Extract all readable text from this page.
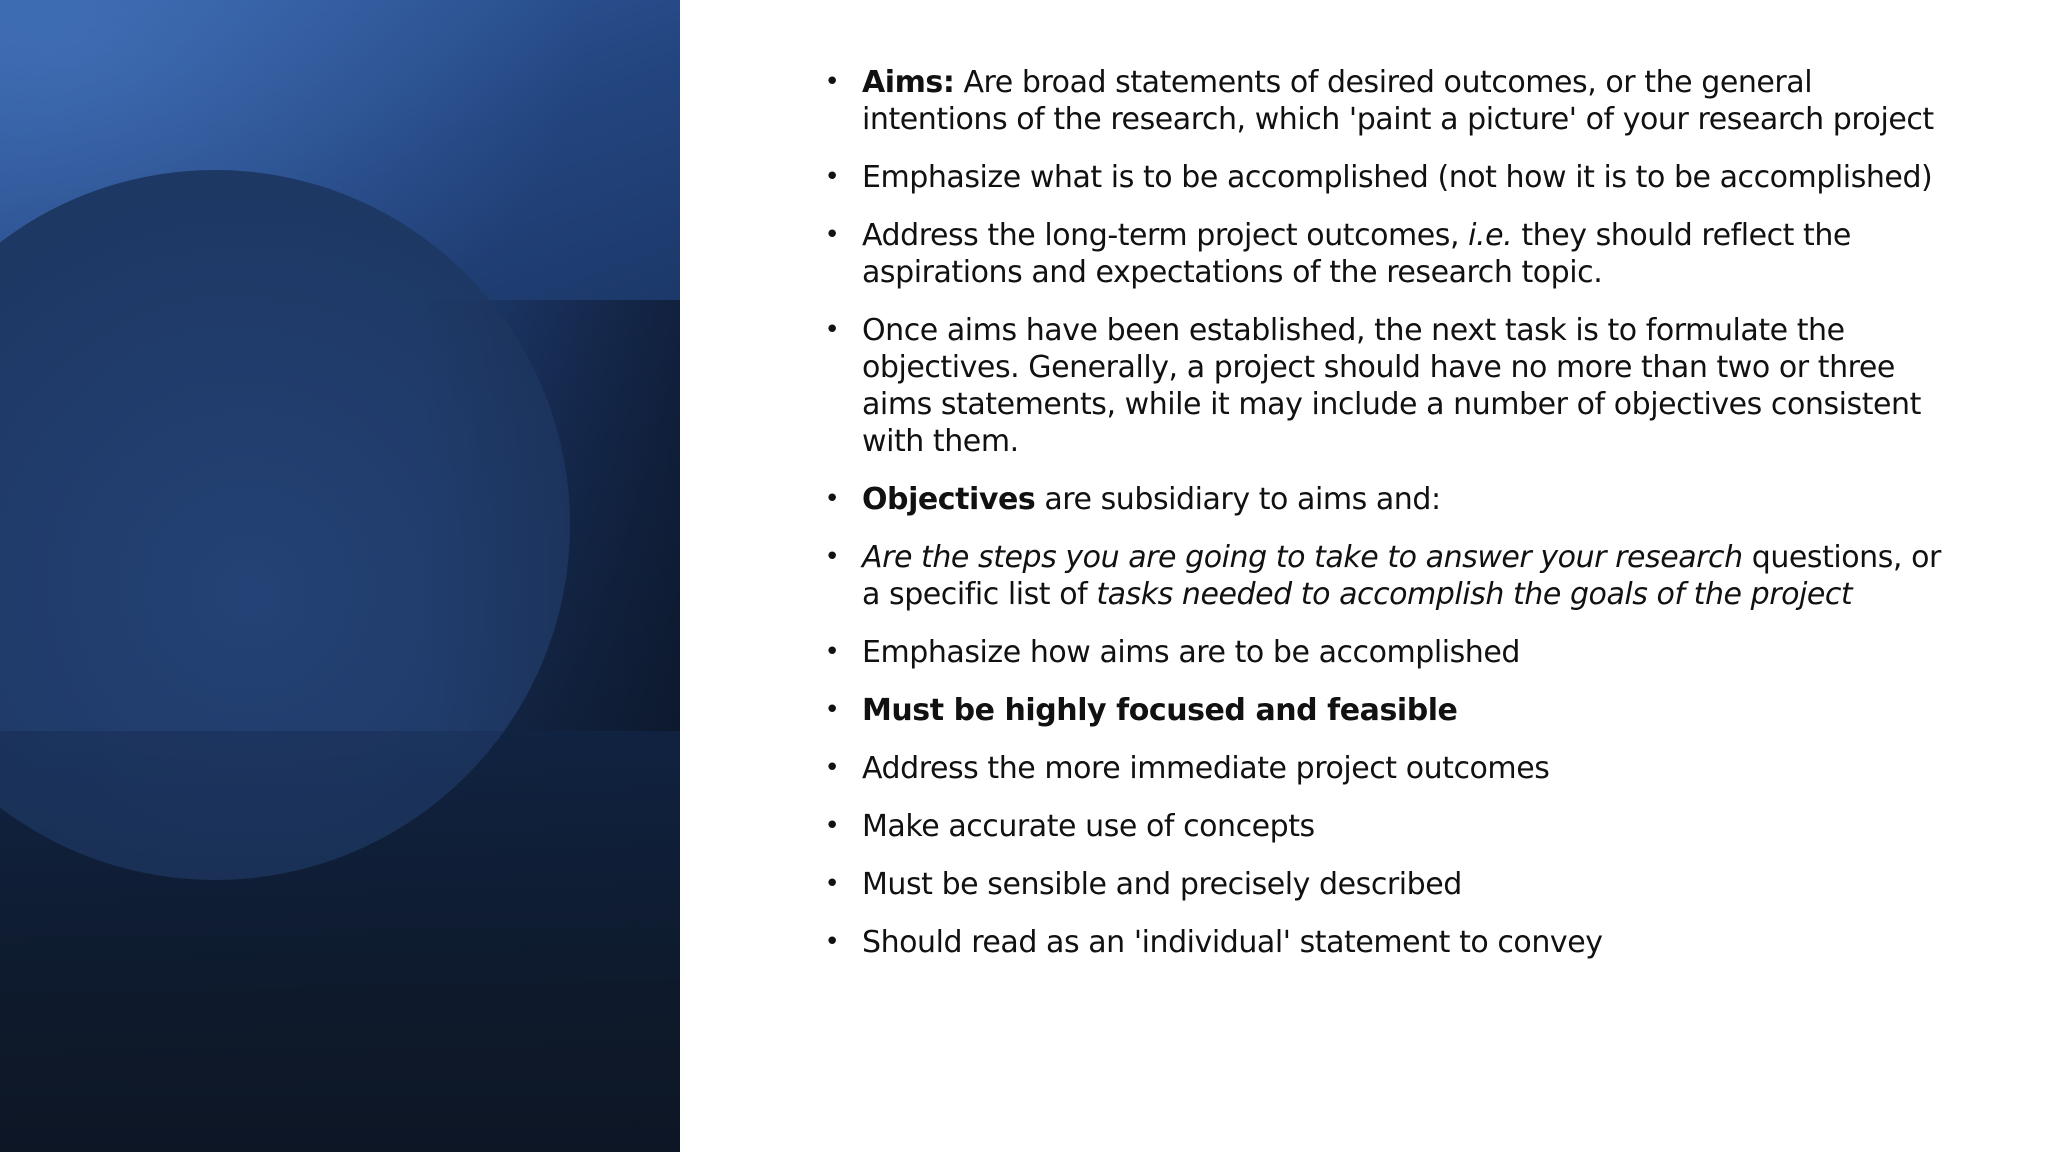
• Aims: Are broad statements of desired outcomes, or the general
intentions of the research, which 'paint a picture' of your research project
• Emphasize what is to be accomplished (not how it is to be accomplished)
• Address the long-term project outcomes, i.e. they should reflect the
aspirations and expectations of the research topic.
• Once aims have been established, the next task is to formulate the
objectives. Generally, a project should have no more than two or three
aims statements, while it may include a number of objectives consistent
with them.
• Objectives are subsidiary to aims and:
• Are the steps you are going to take to answer your research questions, or
a specific list of tasks needed to accomplish the goals of the project
• Emphasize how aims are to be accomplished
• Must be highly focused and feasible
• Address the more immediate project outcomes
• Make accurate use of concepts
• Must be sensible and precisely described
• Should read as an 'individual' statement to convey
